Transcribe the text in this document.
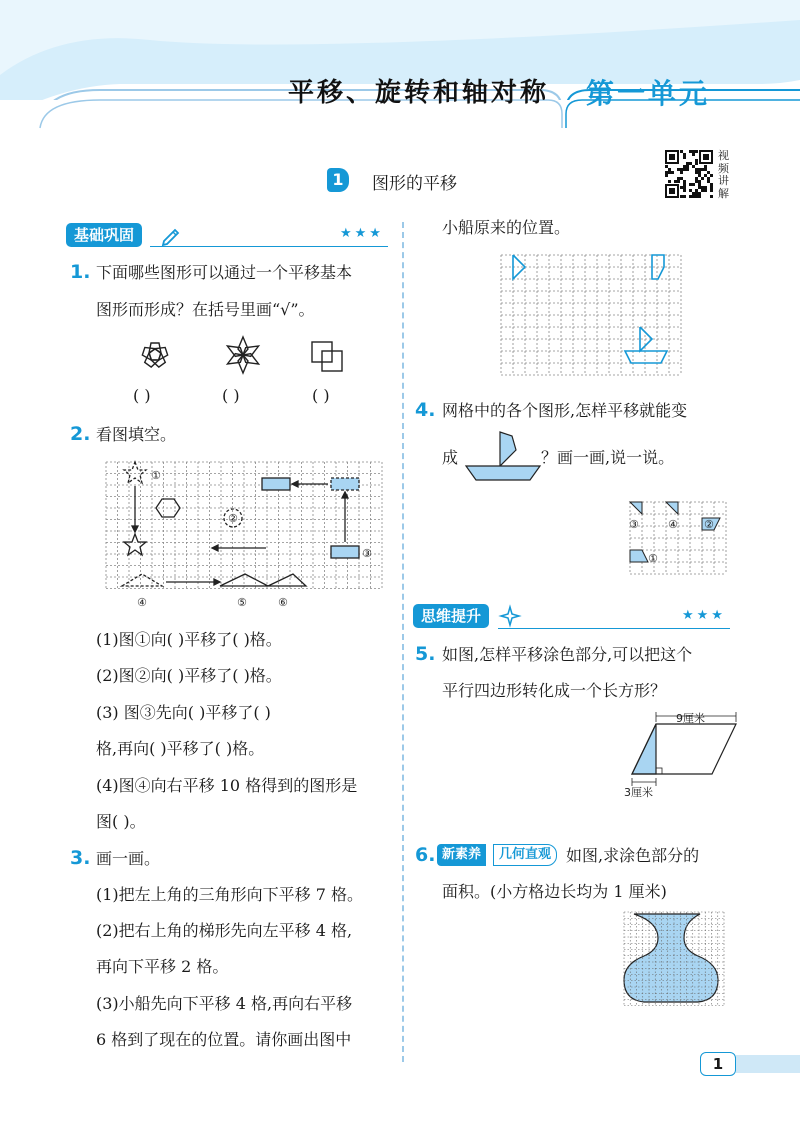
平移、旋转和轴对称 第一单元
视
频
讲
解
1	图形的平移
基础巩固	★★★
1. 下面哪些图形可以通过一个平移基本
图形而形成？在括号里画“√”。
( )	( )	( )
2. 看图填空。
①
②
③
④	⑤	⑥
(1)图①向( )平移了( )格。
(2)图②向( )平移了( )格。
(3) 图③先向( )平移了( )
格,再向( )平移了( )格。
(4)图④向右平移 10 格得到的图形是
图( )。
3. 画一画。
(1)把左上角的三角形向下平移 7 格。
(2)把右上角的梯形先向左平移 4 格,
再向下平移 2 格。
(3)小船先向下平移 4 格,再向右平移
6 格到了现在的位置。请你画出图中
小船原来的位置。
4. 网格中的各个图形,怎样平移就能变
成	？画一画,说一说。
③	④ ②
①
思维提升	★★★
5. 如图,怎样平移涂色部分,可以把这个
平行四边形转化成一个长方形？
9厘米
3厘米
6. 新素养	几何直观 如图,求涂色部分的
面积。(小方格边长均为 1 厘米)
1
